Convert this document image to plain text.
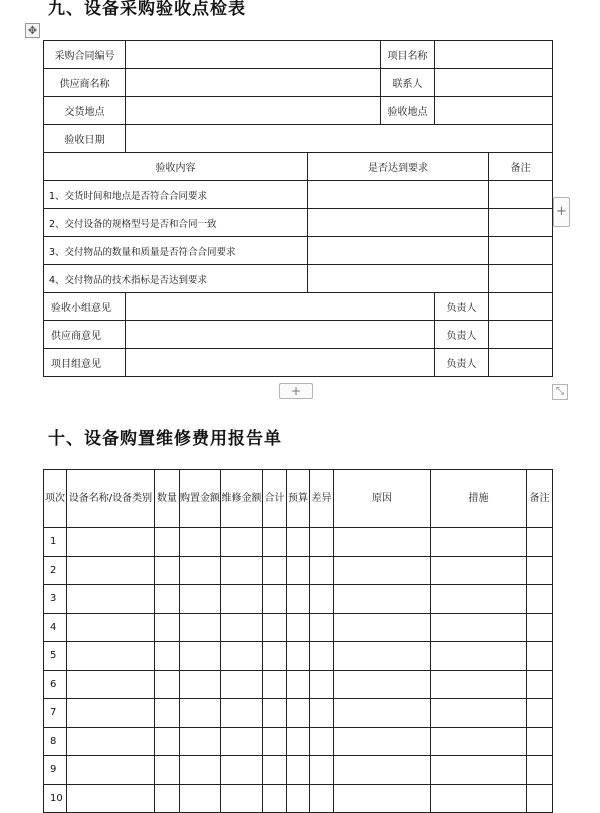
九、设备采购验收点检表
✥
采购合同编号			项目名称		
供应商名称			联系人		
交货地点			验收地点		
验收日期					
验收内容		是否达到要求			备注
1、交货时间和地点是否符合合同要求					
2、交付设备的规格型号是否和合同一致					
3、交付物品的数量和质量是否符合合同要求					
4、交付物品的技术指标是否达到要求					
验收小组意见				负责人	
供应商意见				负责人	
项目组意见				负责人	
+
+	⤡
十、设备购置维修费用报告单
项次	设备名称/设备类别	数量	购置金额	维修金额	合计	预算	差异	原因	措施	备注
1										
2										
3										
4										
5										
6										
7										
8										
9										
10										
